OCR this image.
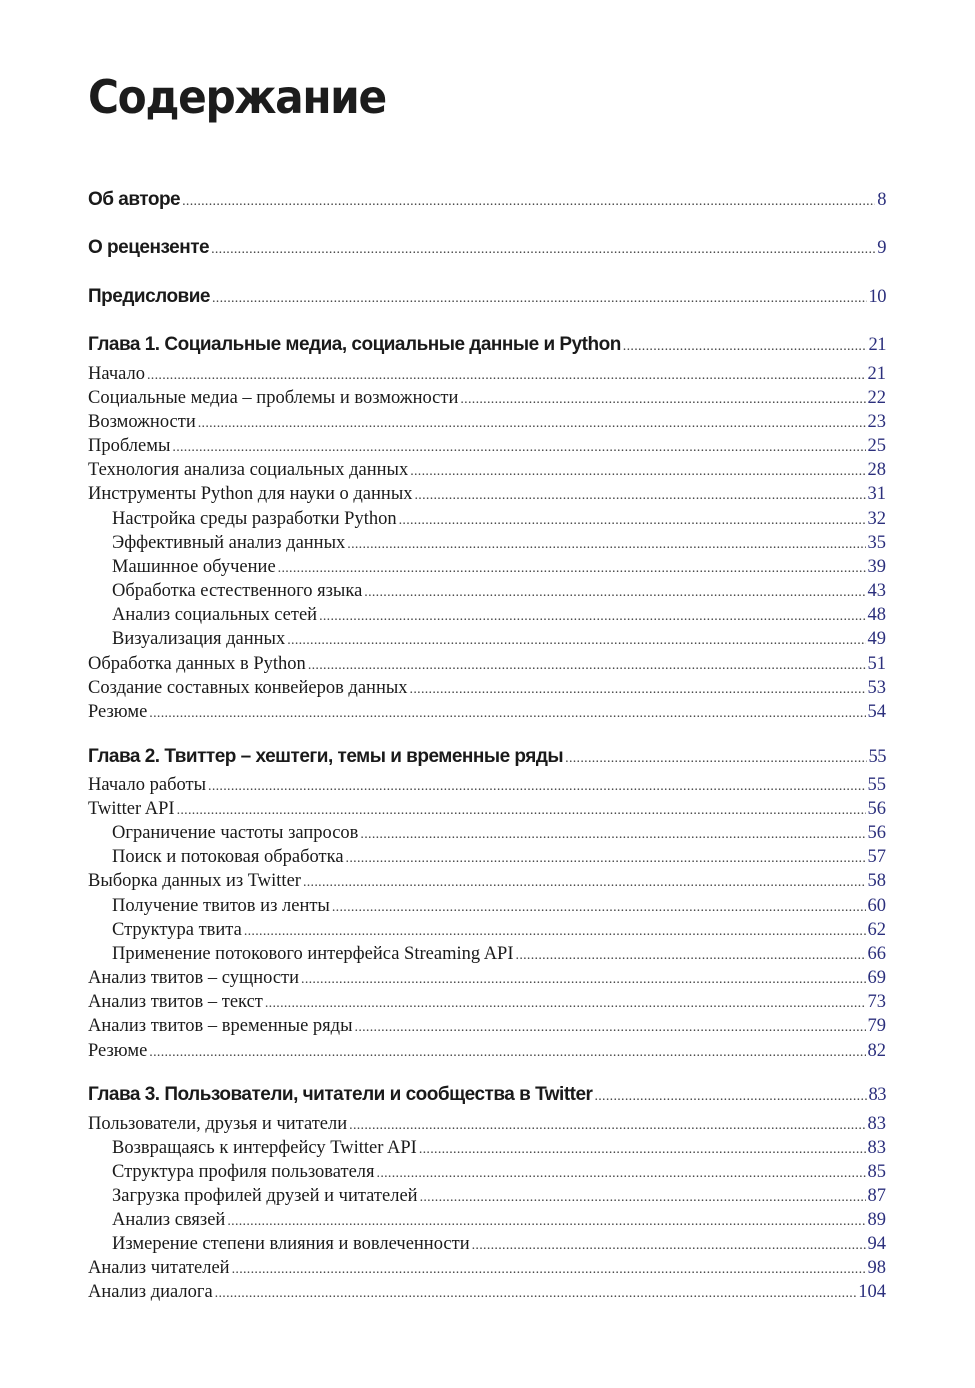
Содержание
Об авторе . . .	8
О рецензенте . . .	9
Предисловие . . .	10
Глава 1. Социальные медиа, социальные данные и Python . . .	21
Начало . . .	21
Социальные медиа – проблемы и возможности . . .	22
Возможности . . .	23
Проблемы . . .	25
Технология анализа социальных данных . . .	28
Инструменты Python для науки о данных . . .	31
Настройка среды разработки Python . . .	32
Эффективный анализ данных . . .	35
Машинное обучение . . .	39
Обработка естественного языка . . .	43
Анализ социальных сетей . . .	48
Визуализация данных . . .	49
Обработка данных в Python . . .	51
Создание составных конвейеров данных . . .	53
Резюме . . .	54
Глава 2. Твиттер – хештеги, темы и временные ряды . . .	55
Начало работы . . .	55
Twitter API . . .	56
Ограничение частоты запросов . . .	56
Поиск и потоковая обработка . . .	57
Выборка данных из Twitter . . .	58
Получение твитов из ленты . . .	60
Структура твита . . .	62
Применение потокового интерфейса Streaming API . . .	66
Анализ твитов – сущности . . .	69
Анализ твитов – текст . . .	73
Анализ твитов – временные ряды . . .	79
Резюме . . .	82
Глава 3. Пользователи, читатели и сообщества в Twitter . . .	83
Пользователи, друзья и читатели . . .	83
Возвращаясь к интерфейсу Twitter API . . .	83
Структура профиля пользователя . . .	85
Загрузка профилей друзей и читателей . . .	87
Анализ связей . . .	89
Измерение степени влияния и вовлеченности . . .	94
Анализ читателей . . .	98
Анализ диалога . . .	104
